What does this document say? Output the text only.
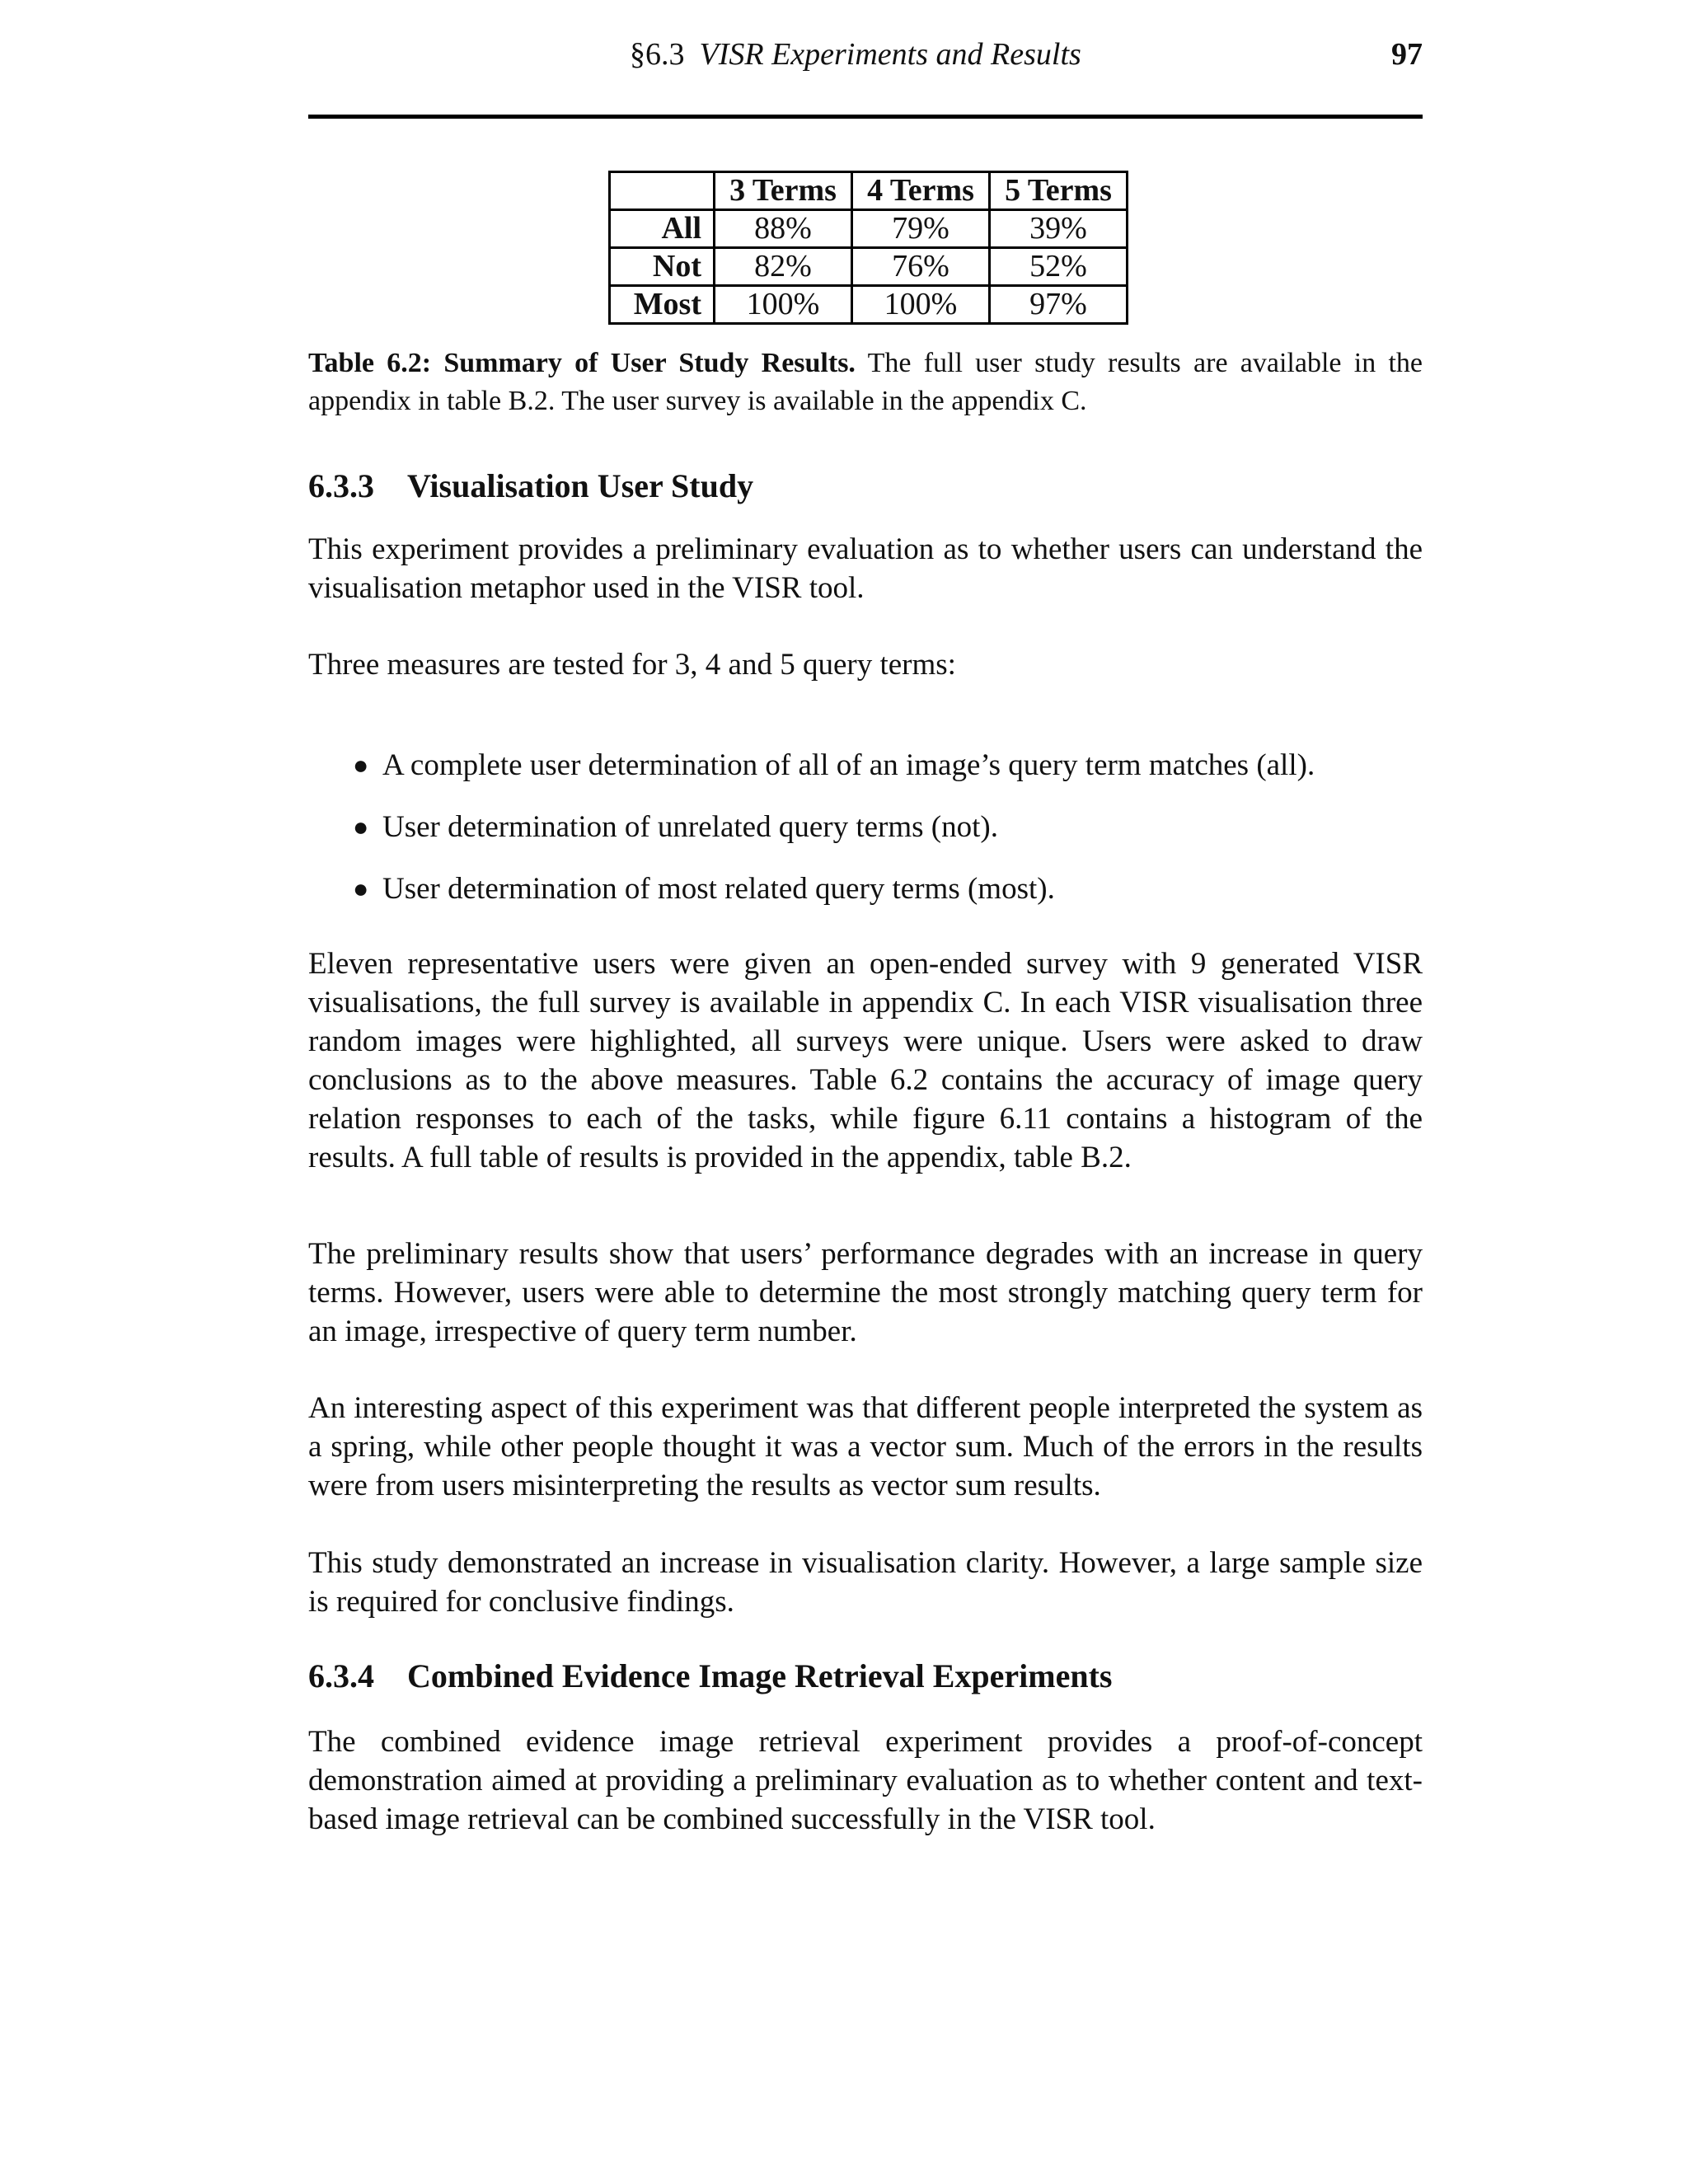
§6.3 VISR Experiments and Results	97
	3 Terms	4 Terms	5 Terms
All	88%	79%	39%
Not	82%	76%	52%
Most	100%	100%	97%
Table 6.2: Summary of User Study Results. The full user study results are available in the appendix in table B.2. The user survey is available in the appendix C.
6.3.3 Visualisation User Study

This experiment provides a preliminary evaluation as to whether users can understand the visualisation metaphor used in the VISR tool.

Three measures are tested for 3, 4 and 5 query terms:

● A complete user determination of all of an image’s query term matches (all).
● User determination of unrelated query terms (not).
● User determination of most related query terms (most).

Eleven representative users were given an open-ended survey with 9 generated VISR visualisations, the full survey is available in appendix C. In each VISR visualisation three random images were highlighted, all surveys were unique. Users were asked to draw conclusions as to the above measures. Table 6.2 contains the accuracy of image query relation responses to each of the tasks, while figure 6.11 contains a histogram of the results. A full table of results is provided in the appendix, table B.2.

The preliminary results show that users’ performance degrades with an increase in query terms. However, users were able to determine the most strongly matching query term for an image, irrespective of query term number.

An interesting aspect of this experiment was that different people interpreted the system as a spring, while other people thought it was a vector sum. Much of the errors in the results were from users misinterpreting the results as vector sum results.

This study demonstrated an increase in visualisation clarity. However, a large sample size is required for conclusive findings.

6.3.4 Combined Evidence Image Retrieval Experiments

The combined evidence image retrieval experiment provides a proof-of-concept demonstration aimed at providing a preliminary evaluation as to whether content and text-based image retrieval can be combined successfully in the VISR tool.
